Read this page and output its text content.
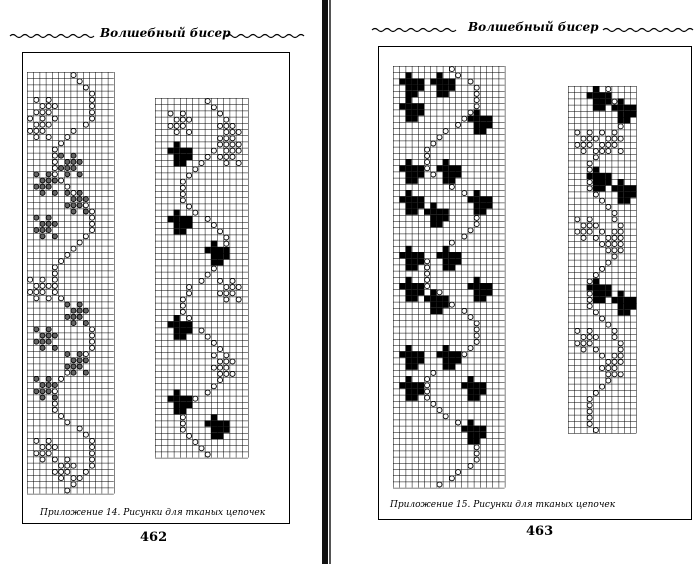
Волшебный бисер
Приложение 14. Рисунки для тканых цепочек
462
Волшебный бисер
Приложение 15. Рисунки для тканых цепочек
463
